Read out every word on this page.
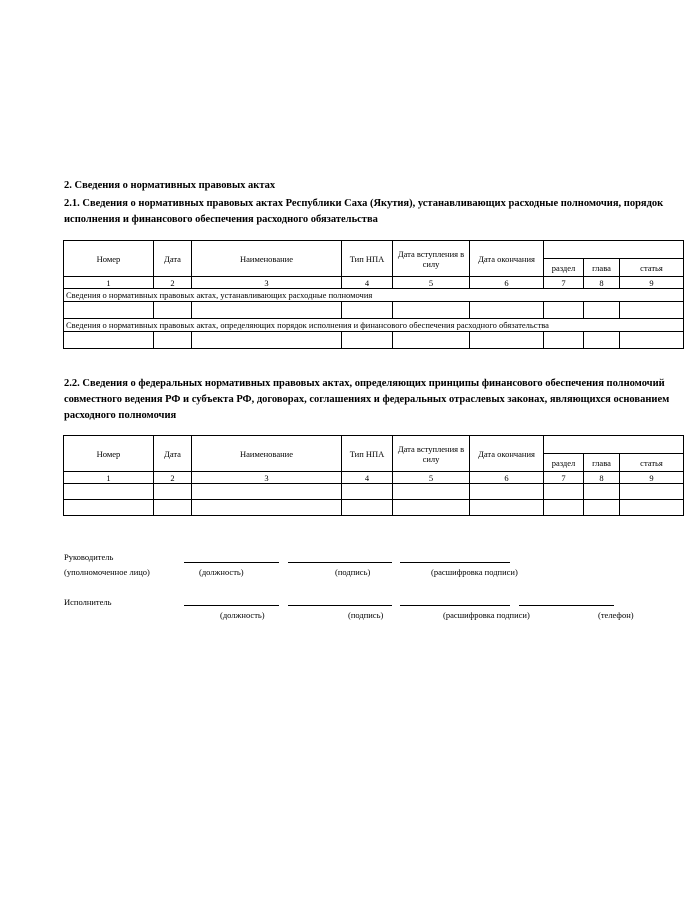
2. Сведения о нормативных правовых актах
2.1. Сведения о нормативных правовых актах Республики Саха (Якутия), устанавливающих расходные полномочия, порядок
исполнения и финансового обеспечения расходного обязательства
Номер	Дата	Наименование	Тип НПА	Дата вступления в силу	Дата окончания			
						раздел	глава	статья
1	2	3	4	5	6	7	8	9
Сведения о нормативных правовых актах, устанавливающих расходные полномочия								

Сведения о нормативных правовых актах, определяющих порядок исполнения и финансового обеспечения расходного обязательства								

2.2. Сведения о федеральных нормативных правовых актах, определяющих принципы финансового обеспечения полномочий
совместного ведения РФ и субъекта РФ, договорах, соглашениях и федеральных отраслевых законах, являющихся основанием
расходного полномочия
Номер	Дата	Наименование	Тип НПА	Дата вступления в силу	Дата окончания			
						раздел	глава	статья
1	2	3	4	5	6	7	8	9

Руководитель
(уполномоченное лицо)	(должность)	(подпись)	(расшифровка подписи)
Исполнитель
(должность)	(подпись)	(расшифровка подписи)	(телефон)
